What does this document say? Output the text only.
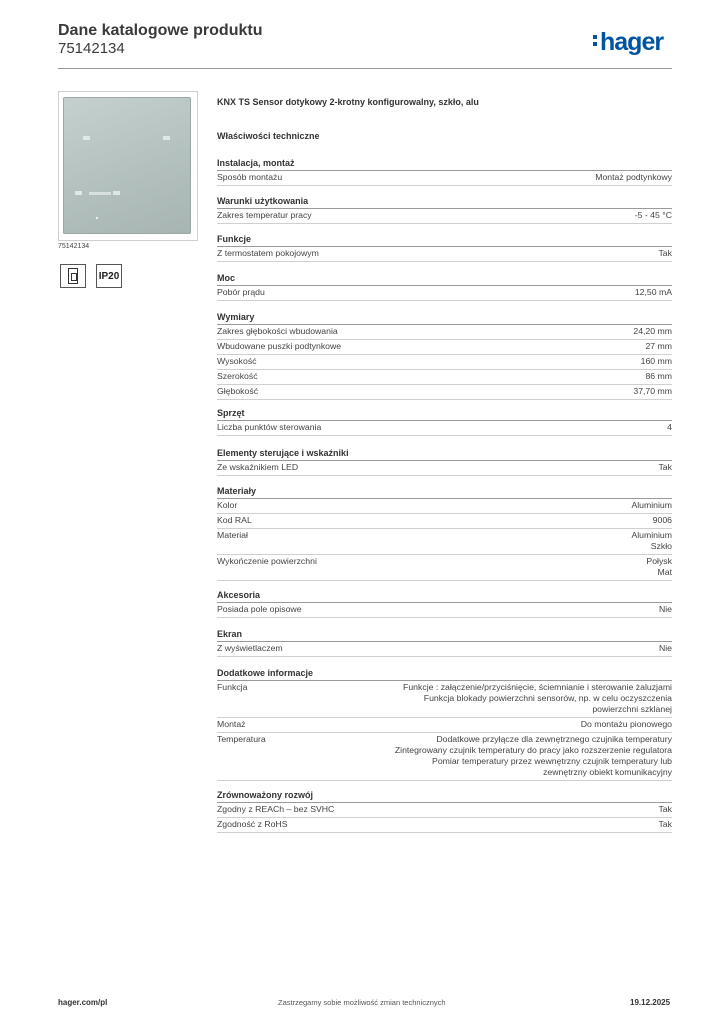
Dane katalogowe produktu
75142134	hager
75142134
IP20
KNX TS Sensor dotykowy 2-krotny konfigurowalny, szkło, alu
Właściwości techniczne
Instalacja, montaż
Sposób montażu	Montaż podtynkowy
Warunki użytkowania
Zakres temperatur pracy	-5 - 45 °C
Funkcje
Z termostatem pokojowym	Tak
Moc
Pobór prądu	12,50 mA
Wymiary
Zakres głębokości wbudowania	24,20 mm
Wbudowane puszki podtynkowe	27 mm
Wysokość	160 mm
Szerokość	86 mm
Głębokość	37,70 mm
Sprzęt
Liczba punktów sterowania	4
Elementy sterujące i wskaźniki
Ze wskaźnikiem LED	Tak
Materiały
Kolor	Aluminium
Kod RAL	9006
Materiał	Aluminium
Szkło
Wykończenie powierzchni	Połysk
Mat
Akcesoria
Posiada pole opisowe	Nie
Ekran
Z wyświetlaczem	Nie
Dodatkowe informacje
Funkcja	Funkcje : załączenie/przyciśnięcie, ściemnianie i sterowanie żaluzjami
Funkcja blokady powierzchni sensorów, np. w celu oczyszczenia
powierzchni szklanej
Montaż	Do montażu pionowego
Temperatura	Dodatkowe przyłącze dla zewnętrznego czujnika temperatury
Zintegrowany czujnik temperatury do pracy jako rozszerzenie regulatora
Pomiar temperatury przez wewnętrzny czujnik temperatury lub
zewnętrzny obiekt komunikacyjny
Zrównoważony rozwój
Zgodny z REACh – bez SVHC	Tak
Zgodność z RoHS	Tak
hager.com/pl	Zastrzegamy sobie możliwość zmian technicznych	19.12.2025
